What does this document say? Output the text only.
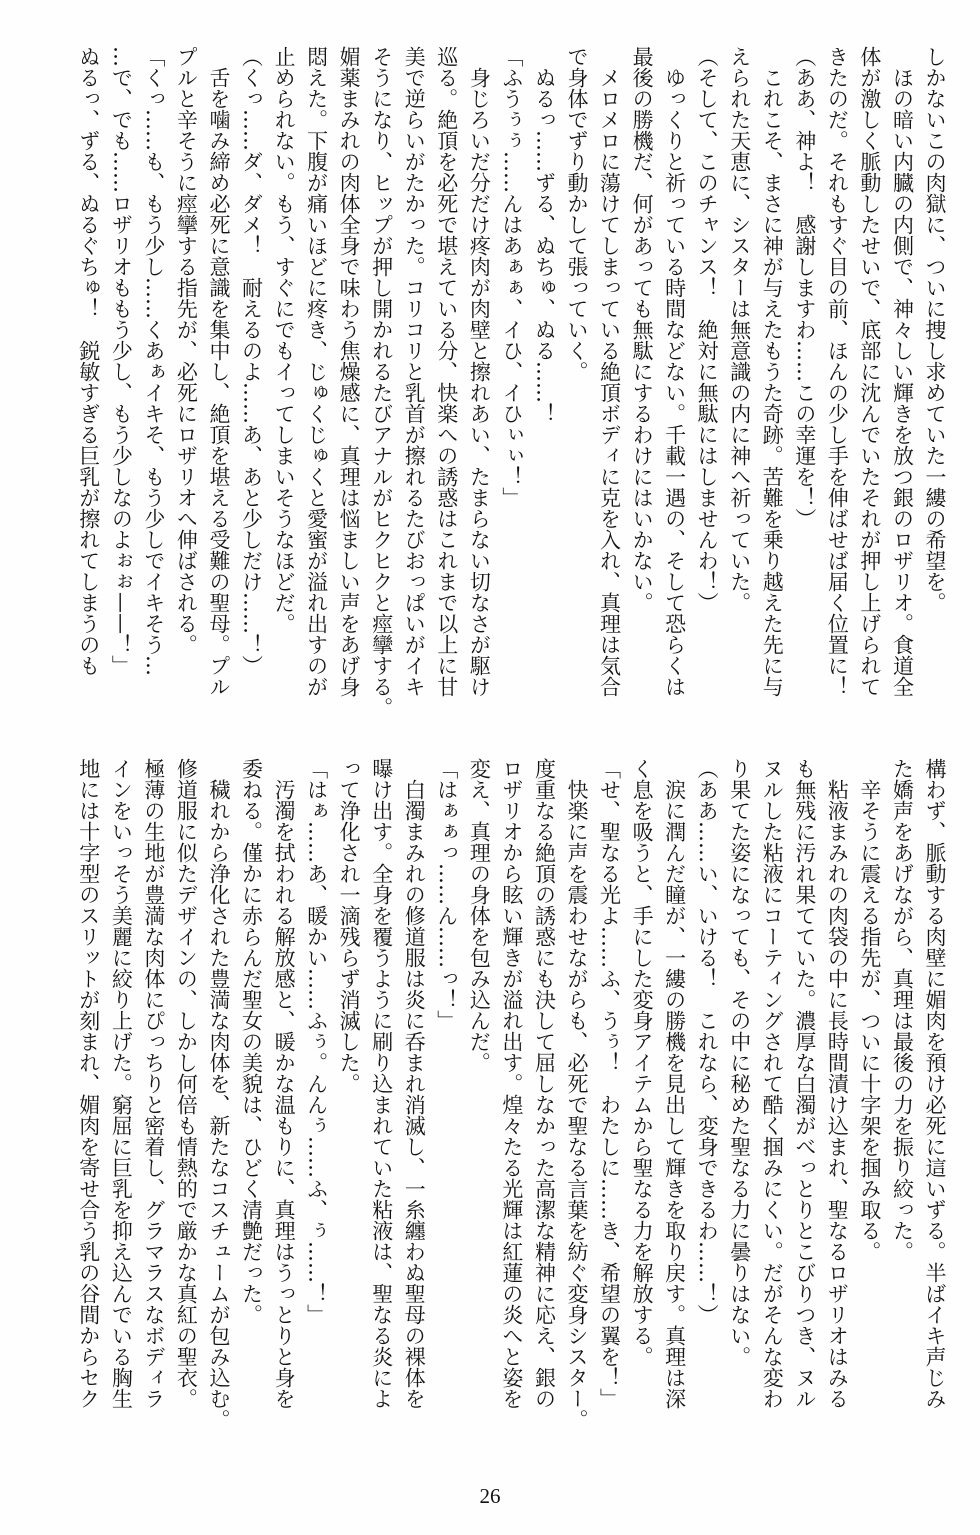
しかないこの肉獄に、ついに捜し求めていた一縷の希望を。
　ほの暗い内臓の内側で、神々しい輝きを放つ銀のロザリオ。食道全
体が激しく脈動したせいで、底部に沈んでいたそれが押し上げられて
きたのだ。それもすぐ目の前、ほんの少し手を伸ばせば届く位置に！
（ああ、神よ！　感謝しますわ……この幸運を！）
　これこそ、まさに神が与えたもうた奇跡。苦難を乗り越えた先に与
えられた天恵に、シスターは無意識の内に神へ祈っていた。
（そして、このチャンス！　絶対に無駄にはしませんわ！）
　ゆっくりと祈っている時間などない。千載一遇の、そして恐らくは
最後の勝機だ、何があっても無駄にするわけにはいかない。
　メロメロに蕩けてしまっている絶頂ボディに克を入れ、真理は気合
で身体でずり動かして張っていく。
　ぬるっ……ずる、ぬちゅ、ぬる……！
「ふうぅぅ……んはあぁぁ、イひ、イひぃぃ！」
　身じろいだ分だけ疼肉が肉壁と擦れあい、たまらない切なさが駆け
巡る。絶頂を必死で堪えている分、快楽への誘惑はこれまで以上に甘
美で逆らいがたかった。コリコリと乳首が擦れるたびおっぱいがイキ
そうになり、ヒップが押し開かれるたびアナルがヒクヒクと痙攣する。
媚薬まみれの肉体全身で味わう焦燥感に、真理は悩ましい声をあげ身
悶えた。下腹が痛いほどに疼き、じゅくじゅくと愛蜜が溢れ出すのが
止められない。もう、すぐにでもイってしまいそうなほどだ。
（くっ……ダ、ダメ！　耐えるのよ……あ、あと少しだけ……！）
　舌を噛み締め必死に意識を集中し、絶頂を堪える受難の聖母。プル
プルと辛そうに痙攣する指先が、必死にロザリオへ伸ばされる。
「くっ……も、もう少し……くあぁイキそ、もう少しでイキそう…
…で、でも……ロザリオももう少し、もう少しなのよぉぉ——！」
ぬるっ、ずる、ぬるぐちゅ！　鋭敏すぎる巨乳が擦れてしまうのも
構わず、脈動する肉壁に媚肉を預け必死に這いずる。半ばイキ声じみ
た嬌声をあげながら、真理は最後の力を振り絞った。
　辛そうに震える指先が、ついに十字架を掴み取る。
　粘液まみれの肉袋の中に長時間漬け込まれ、聖なるロザリオはみる
も無残に汚れ果てていた。濃厚な白濁がべっとりとこびりつき、ヌル
ヌルした粘液にコーティングされて酷く掴みにくい。だがそんな変わ
り果てた姿になっても、その中に秘めた聖なる力に曇りはない。
（ああ……い、いける！　これなら、変身できるわ……！）
　涙に潤んだ瞳が、一縷の勝機を見出して輝きを取り戻す。真理は深
く息を吸うと、手にした変身アイテムから聖なる力を解放する。
「せ、聖なる光よ……ふ、うぅ！　わたしに……き、希望の翼を！」
　快楽に声を震わせながらも、必死で聖なる言葉を紡ぐ変身シスター。
度重なる絶頂の誘惑にも決して屈しなかった高潔な精神に応え、銀の
ロザリオから眩い輝きが溢れ出す。煌々たる光輝は紅蓮の炎へと姿を
変え、真理の身体を包み込んだ。
「はぁぁっ……ん……っ！」
　白濁まみれの修道服は炎に呑まれ消滅し、一糸纏わぬ聖母の裸体を
曝け出す。全身を覆うように刷り込まれていた粘液は、聖なる炎によ
って浄化され一滴残らず消滅した。
「はぁ……あ、暖かい……ふぅ。んんぅ……ふ、ぅ……！」
　汚濁を拭われる解放感と、暖かな温もりに、真理はうっとりと身を
委ねる。僅かに赤らんだ聖女の美貌は、ひどく清艶だった。
　穢れから浄化された豊満な肉体を、新たなコスチュームが包み込む。
修道服に似たデザインの、しかし何倍も情熱的で厳かな真紅の聖衣。
極薄の生地が豊満な肉体にぴっちりと密着し、グラマラスなボディラ
インをいっそう美麗に絞り上げた。窮屈に巨乳を抑え込んでいる胸生
地には十字型のスリットが刻まれ、媚肉を寄せ合う乳の谷間からセク
26
